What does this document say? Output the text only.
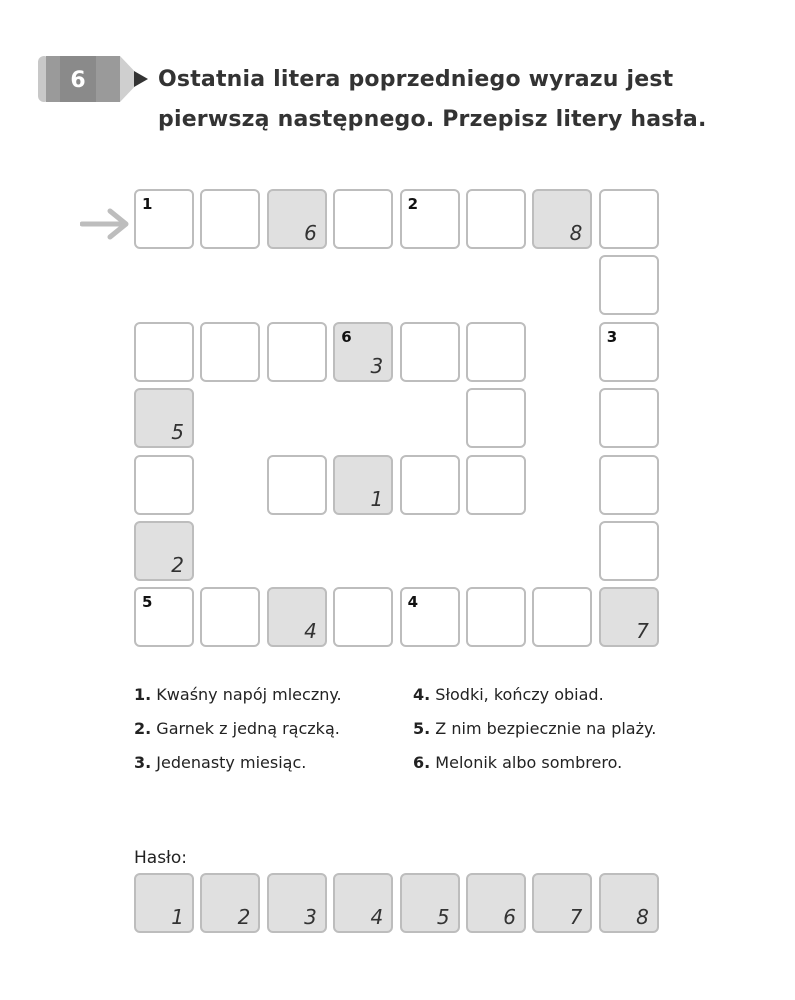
6	Ostatnia litera poprzedniego wyrazu jest
pierwszą następnego. Przepisz litery hasła.
1
6
2
8
6
3
3
5
1
2
5
4
4
7
1. Kwaśny napój mleczny.
2. Garnek z jedną rączką.
3. Jedenasty miesiąc.
4. Słodki, kończy obiad.
5. Z nim bezpiecznie na plaży.
6. Melonik albo sombrero.
Hasło:
1	2	3	4	5	6	7	8
